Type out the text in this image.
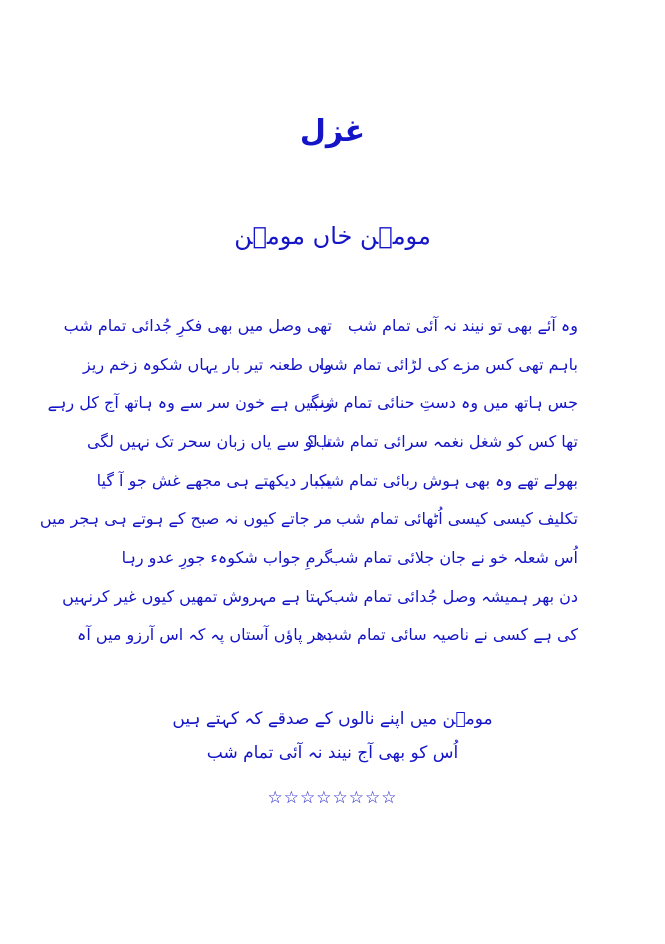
غزل
مومؔن خاں مومؔن
تھی وصل میں بھی فکرِ جُدائی تمام شب وہ آئے بھی تو نیند نہ آئی تمام شب
واں طعنہ تیر بار یہاں شکوہ زخم ریز
باہم تھی کس مزے کی لڑائی تمام شب
رنگیں ہے خون سر سے وہ ہاتھ آج کل رہے
جس ہاتھ میں وہ دستِ حنائی تمام شب
تا لو سے یاں زبان سحر تک نہیں لگی
تھا کس کو شغل نغمہ سرائی تمام شب؟
یکبار دیکھتے ہی مجھے غش جو آ گیا
بھولے تھے وہ بھی ہوش ربائی تمام شب
مر جاتے کیوں نہ صبح کے ہوتے ہی ہجر میں تکلیف کیسی کیسی اُٹھائی تمام شب
گرمِ جواب شکوہء جورِ عدو رہا
اُس شعلہ خو نے جان جلائی تمام شب
کہتا ہے مہروش تمھیں کیوں غیر کرنہیں
دن بھر ہمیشہ وصل جُدائی تمام شب
دھر پاؤں آستاں پہ کہ اس آرزو میں آہ
کی ہے کسی نے ناصیہ سائی تمام شب
مومؔن میں اپنے نالوں کے صدقے کہ کہتے ہیں
اُس کو بھی آج نیند نہ آئی تمام شب
☆☆☆☆☆☆☆☆
